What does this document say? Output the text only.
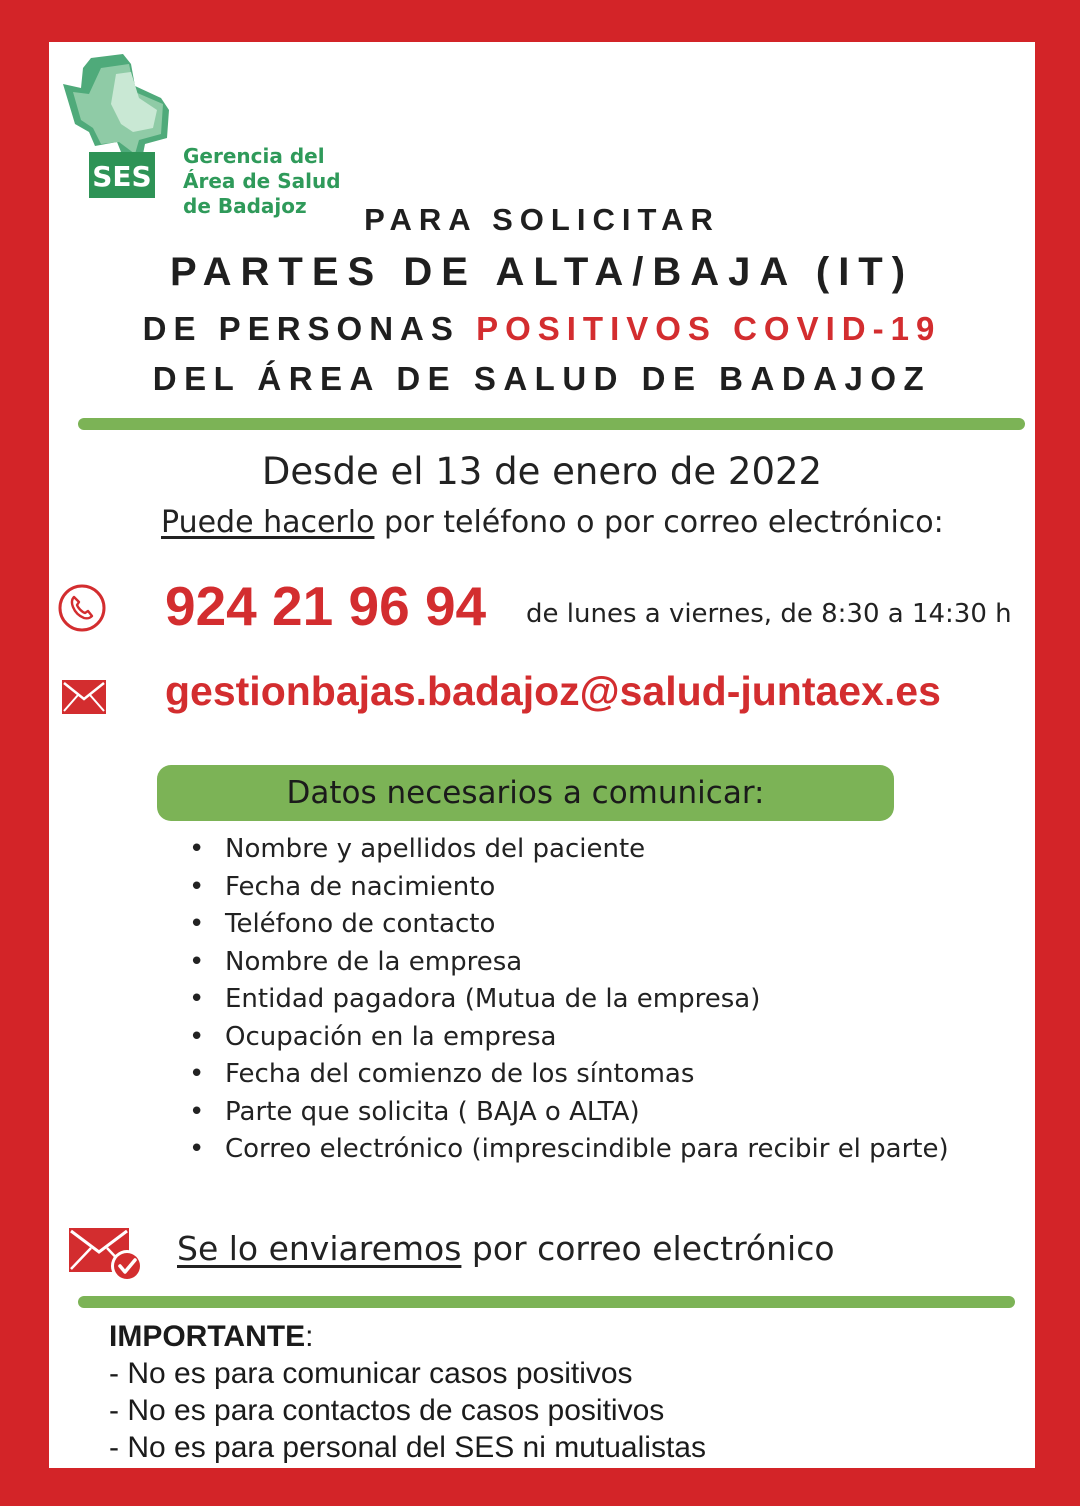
SES
Gerencia del
Área de Salud
de Badajoz	PARA SOLICITAR
PARTES DE ALTA/BAJA (IT)
DE PERSONAS POSITIVOS COVID-19
DEL ÁREA DE SALUD DE BADAJOZ
Desde el 13 de enero de 2022
Puede hacerlo por teléfono o por correo electrónico:
924 21 96 94 de lunes a viernes, de 8:30 a 14:30 h
gestionbajas.badajoz@salud-juntaex.es
Datos necesarios a comunicar:
• Nombre y apellidos del paciente
• Fecha de nacimiento
• Teléfono de contacto
• Nombre de la empresa
• Entidad pagadora (Mutua de la empresa)
• Ocupación en la empresa
• Fecha del comienzo de los síntomas
• Parte que solicita ( BAJA o ALTA)
• Correo electrónico (imprescindible para recibir el parte)
Se lo enviaremos por correo electrónico
IMPORTANTE:
- No es para comunicar casos positivos
- No es para contactos de casos positivos
- No es para personal del SES ni mutualistas
